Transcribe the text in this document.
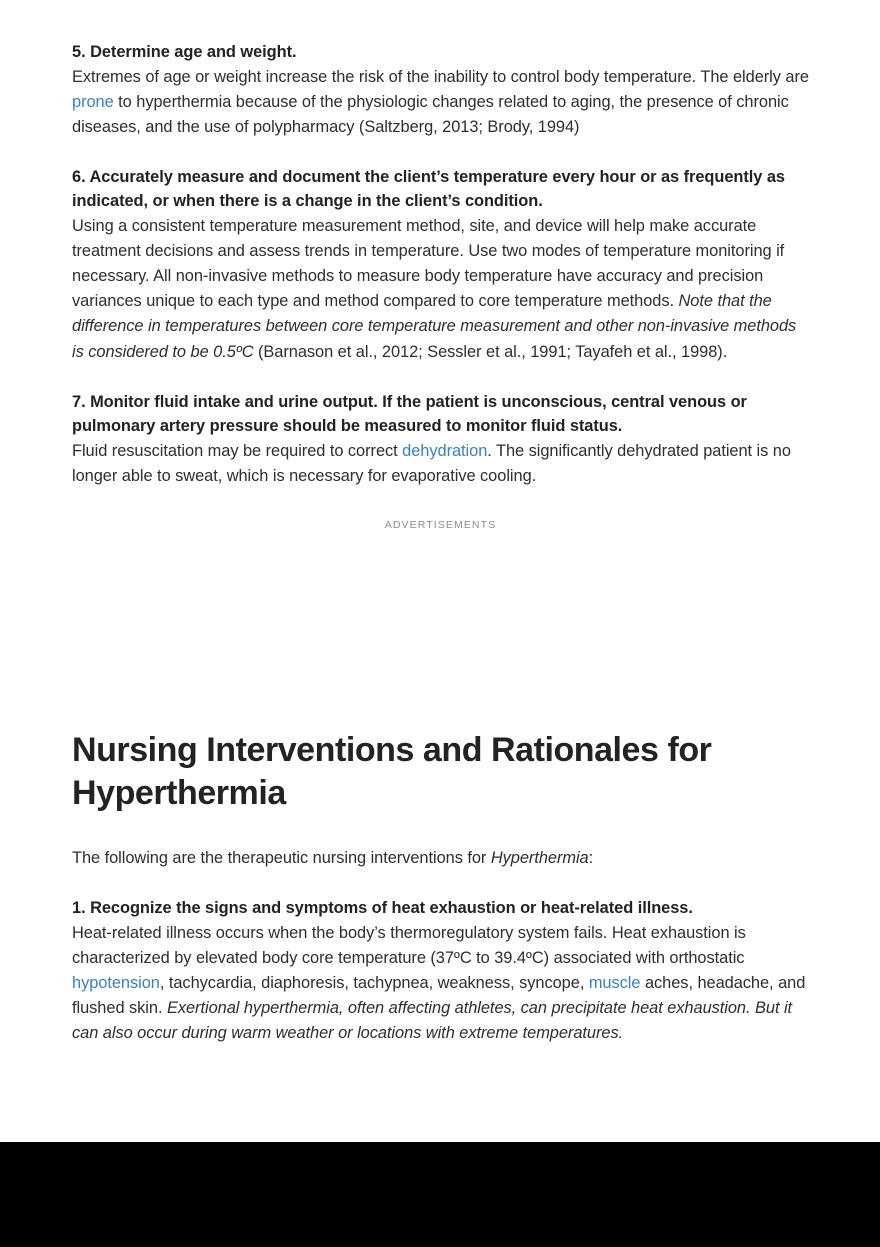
5. Determine age and weight.

Extremes of age or weight increase the risk of the inability to control body temperature. The elderly are prone to hyperthermia because of the physiologic changes related to aging, the presence of chronic diseases, and the use of polypharmacy (Saltzberg, 2013; Brody, 1994)

6. Accurately measure and document the client’s temperature every hour or as frequently as indicated, or when there is a change in the client’s condition.

Using a consistent temperature measurement method, site, and device will help make accurate treatment decisions and assess trends in temperature. Use two modes of temperature monitoring if necessary. All non-invasive methods to measure body temperature have accuracy and precision variances unique to each type and method compared to core temperature methods. Note that the difference in temperatures between core temperature measurement and other non-invasive methods is considered to be 0.5ºC (Barnason et al., 2012; Sessler et al., 1991; Tayafeh et al., 1998).

7. Monitor fluid intake and urine output. If the patient is unconscious, central venous or pulmonary artery pressure should be measured to monitor fluid status.

Fluid resuscitation may be required to correct dehydration. The significantly dehydrated patient is no longer able to sweat, which is necessary for evaporative cooling.

ADVERTISEMENTS
Nursing Interventions and Rationales for Hyperthermia

The following are the therapeutic nursing interventions for Hyperthermia:

1. Recognize the signs and symptoms of heat exhaustion or heat-related illness.

Heat-related illness occurs when the body’s thermoregulatory system fails. Heat exhaustion is characterized by elevated body core temperature (37ºC to 39.4ºC) associated with orthostatic hypotension, tachycardia, diaphoresis, tachypnea, weakness, syncope, muscle aches, headache, and flushed skin. Exertional hyperthermia, often affecting athletes, can precipitate heat exhaustion. But it can also occur during warm weather or locations with extreme temperatures.
